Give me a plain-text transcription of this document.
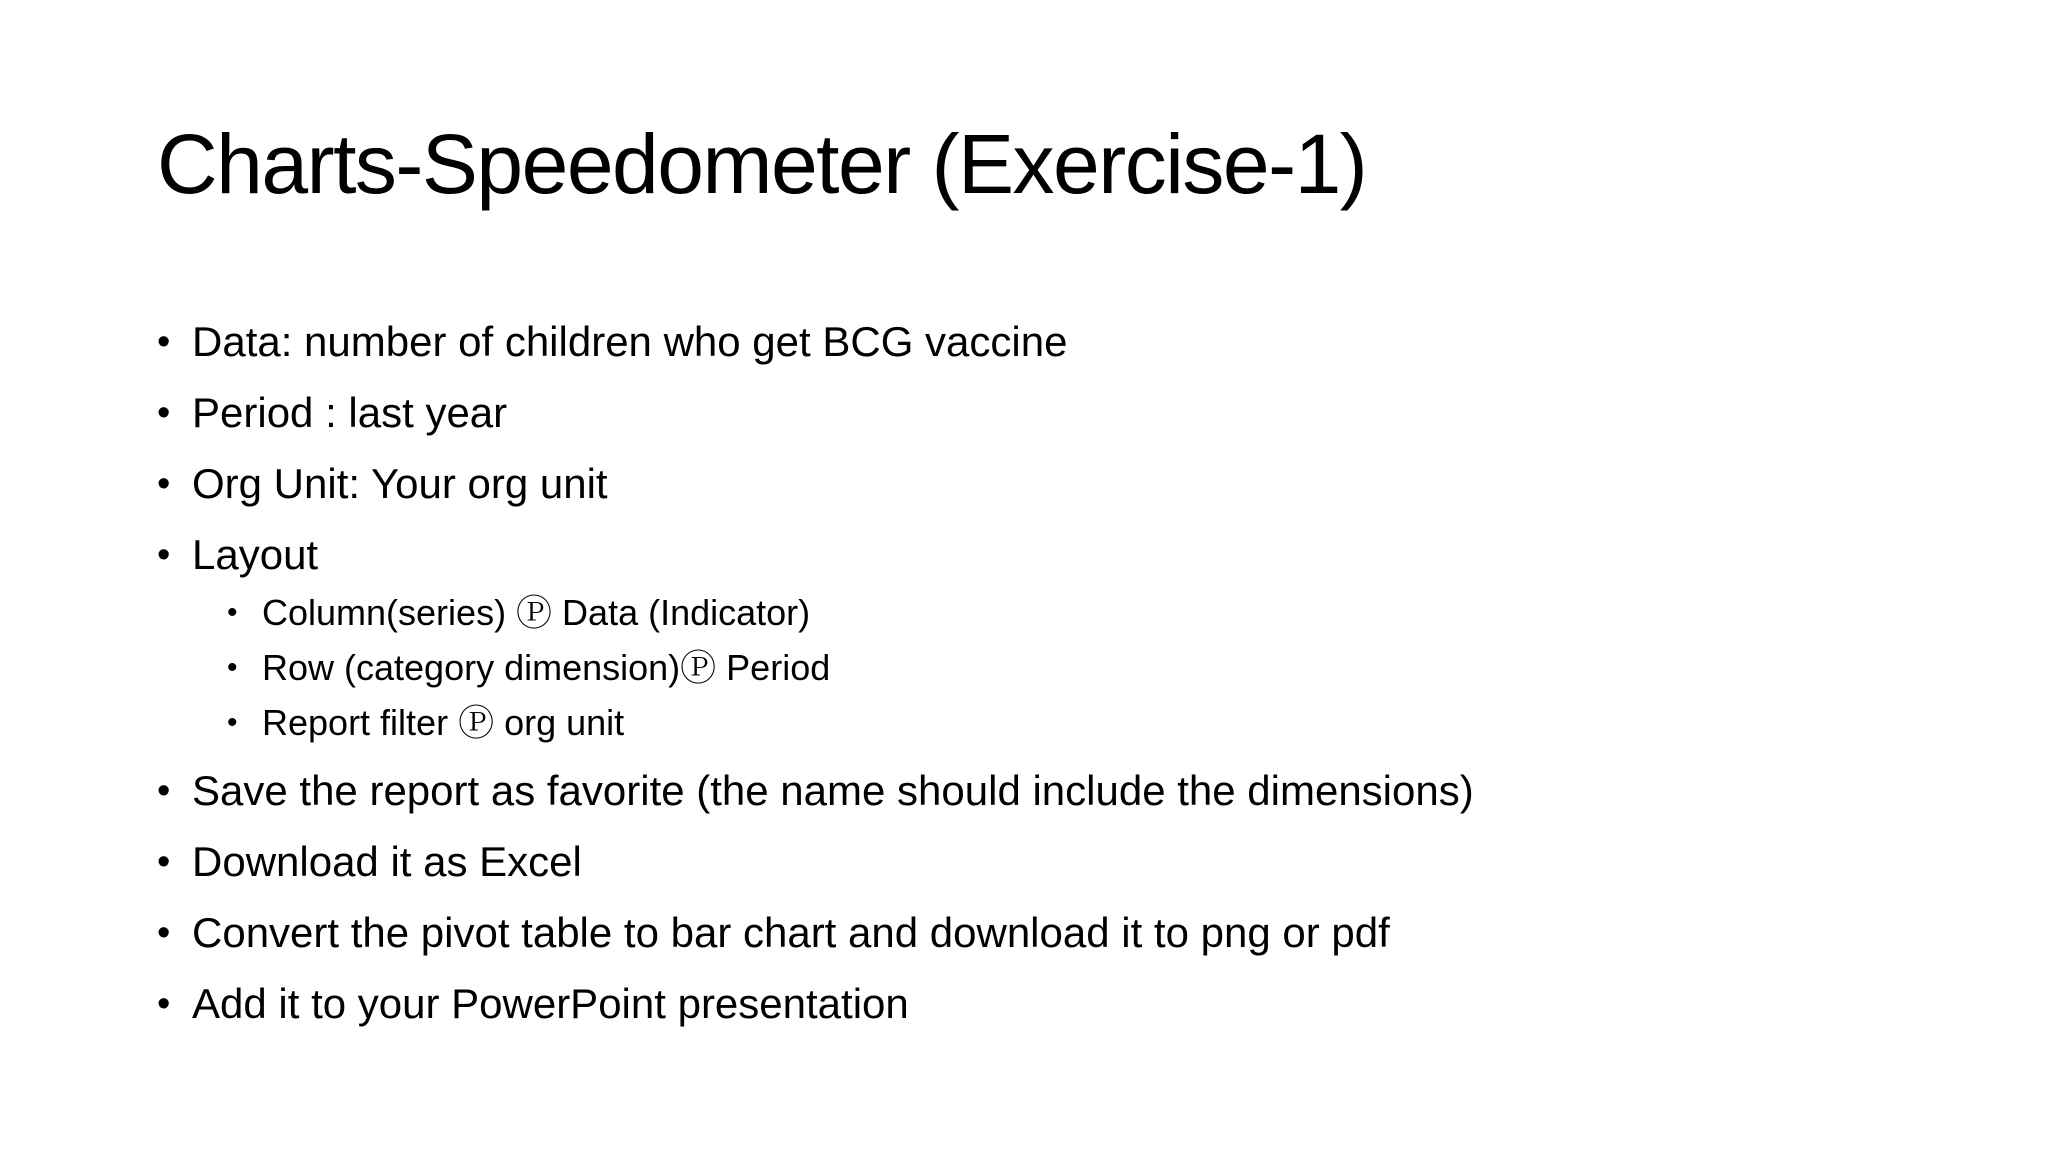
Charts-Speedometer (Exercise-1)
• Data: number of children who get BCG vaccine
• Period : last year
• Org Unit: Your org unit
• Layout
• Column(series) Ⓟ Data (Indicator)
• Row (category dimension)Ⓟ Period
• Report filter Ⓟ org unit
• Save the report as favorite (the name should include the dimensions)
• Download it as Excel
• Convert the pivot table to bar chart and download it to png or pdf
• Add it to your PowerPoint presentation
